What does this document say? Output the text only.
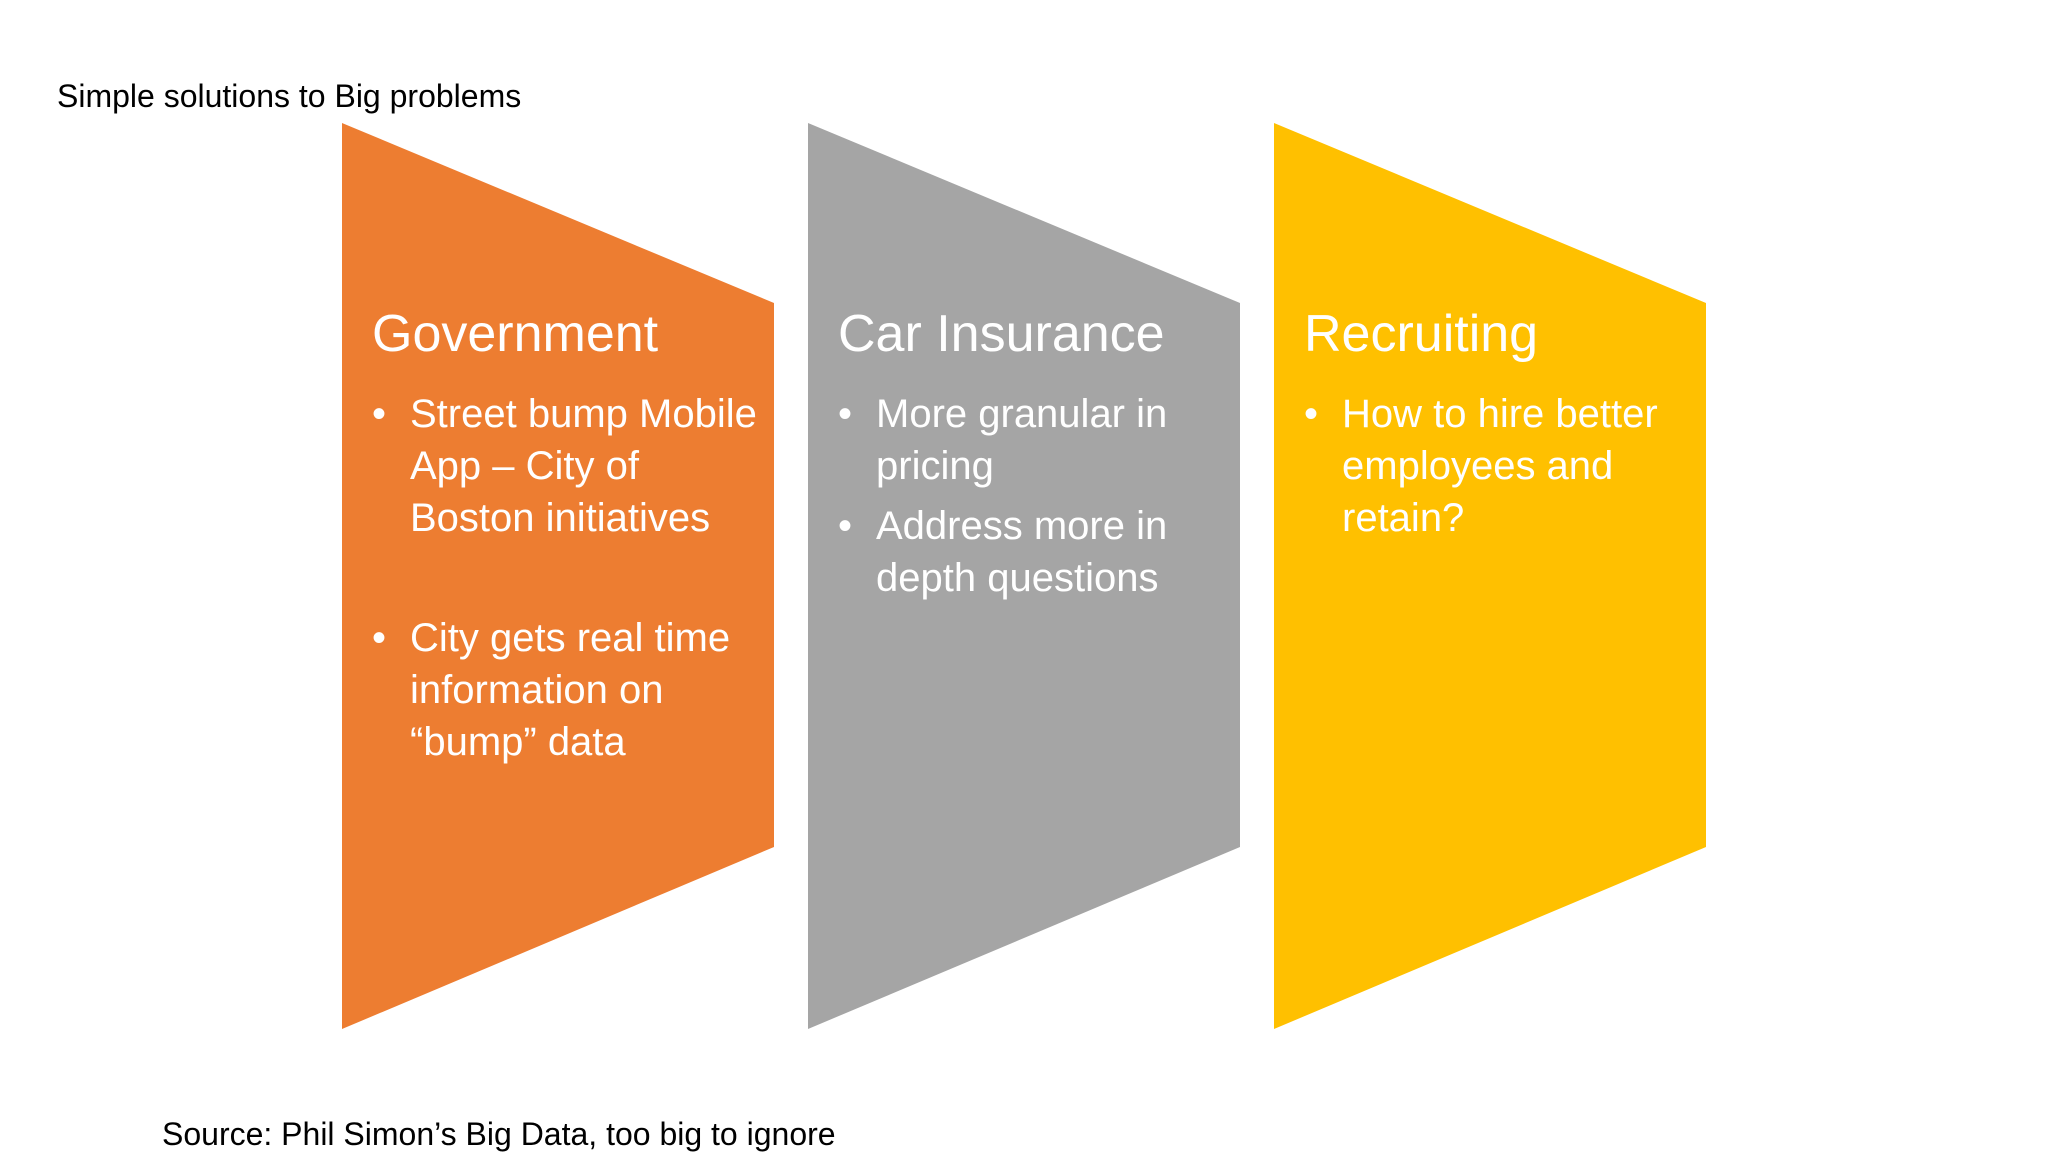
Simple solutions to Big problems
Government

• Street bump Mobile App – City of Boston initiatives

• City gets real time information on “bump” data

Car Insurance

• More granular in pricing

• Address more in depth questions

Recruiting

• How to hire better employees and retain?

Source: Phil Simon’s Big Data, too big to ignore
